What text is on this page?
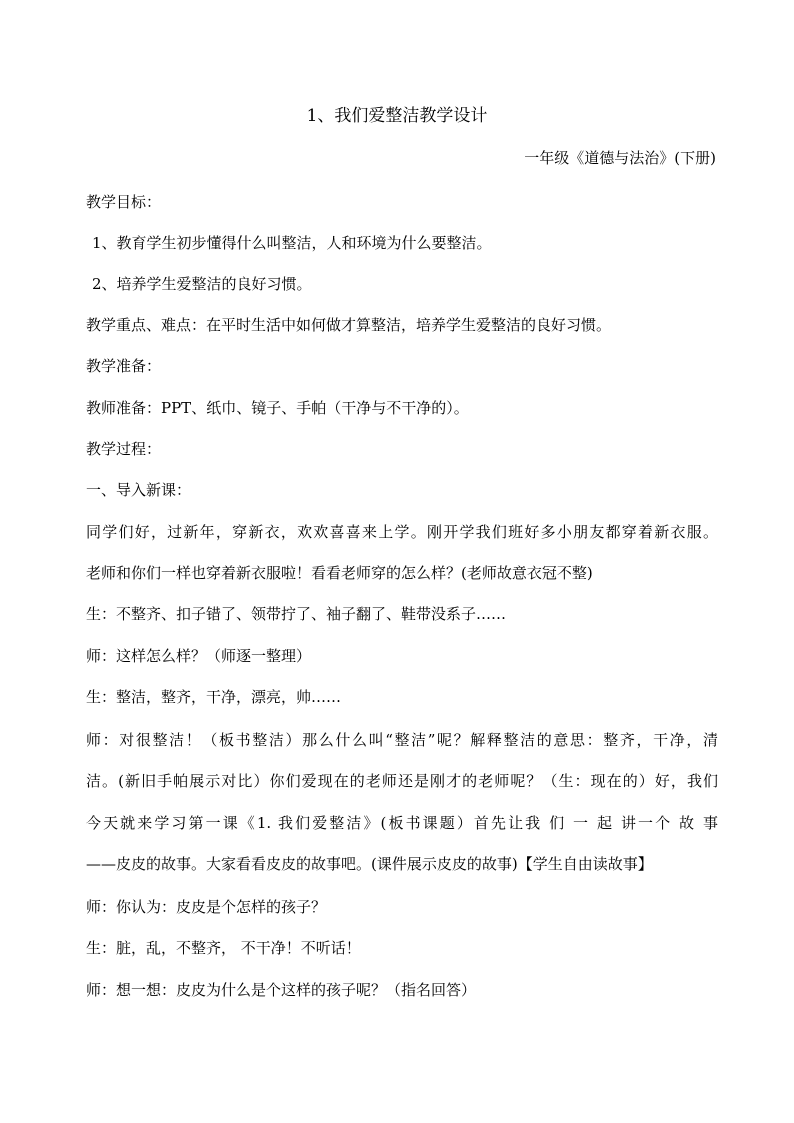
1、我们爱整洁教学设计
一年级《道德与法治》(下册)
教学目标：
1、教育学生初步懂得什么叫整洁，人和环境为什么要整洁。
2、培养学生爱整洁的良好习惯。
教学重点、难点：在平时生活中如何做才算整洁，培养学生爱整洁的良好习惯。
教学准备：
教师准备：PPT、纸巾、镜子、手帕（干净与不干净的）。
教学过程：
一、导入新课：
同学们好，过新年，穿新衣，欢欢喜喜来上学。刚开学我们班好多小朋友都穿着新衣服。
老师和你们一样也穿着新衣服啦！看看老师穿的怎么样？(老师故意衣冠不整)
生：不整齐、扣子错了、领带拧了、袖子翻了、鞋带没系子……
师：这样怎么样？（师逐一整理）
生：整洁，整齐，干净，漂亮，帅……
师：对很整洁！（板书整洁）那么什么叫“整洁”呢？解释整洁的意思：整齐，干净，清
洁。(新旧手帕展示对比）你们爱现在的老师还是刚才的老师呢？（生：现在的）好，我们
今天就来学习第一课《1. 我们爱整洁》(板书课题）首先让我 们 一 起 讲一个 故 事
——皮皮的故事。大家看看皮皮的故事吧。(课件展示皮皮的故事)【学生自由读故事】
师：你认为：皮皮是个怎样的孩子？
生：脏，乱，不整齐， 不干净！不听话！
师：想一想：皮皮为什么是个这样的孩子呢？（指名回答）
